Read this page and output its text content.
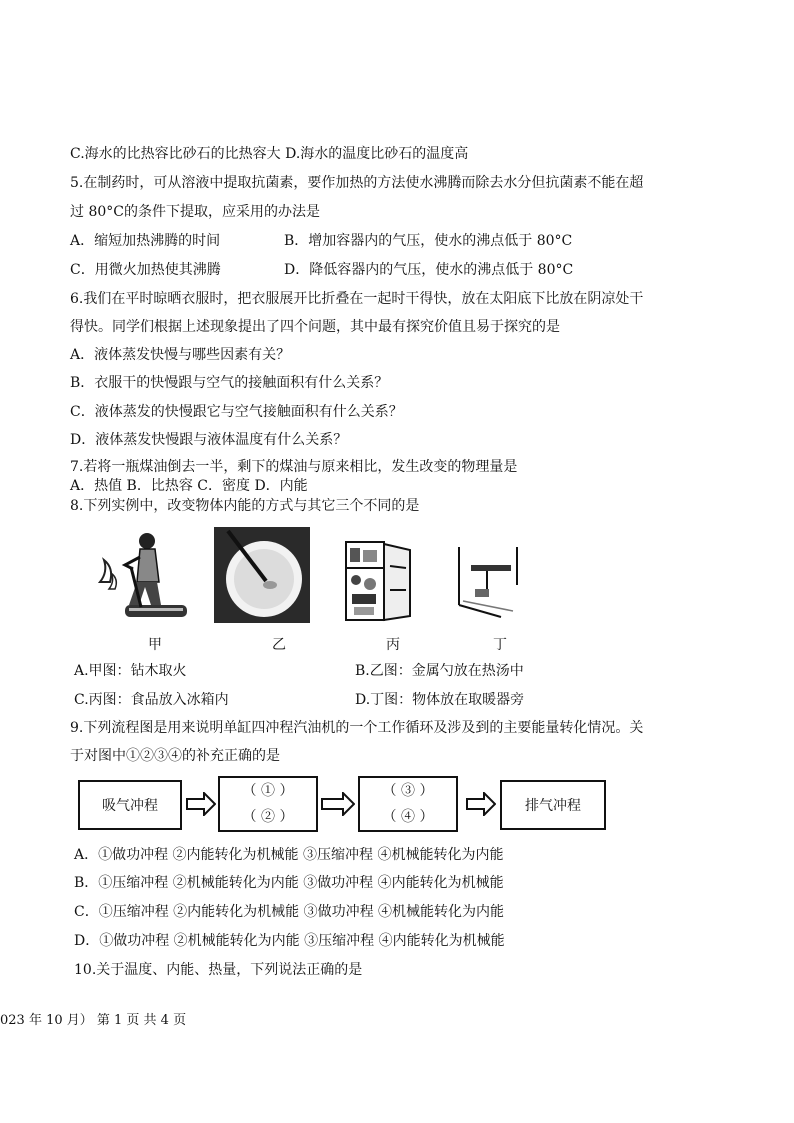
C.海水的比热容比砂石的比热容大 D.海水的温度比砂石的温度高
5.在制药时，可从溶液中提取抗菌素，要作加热的方法使水沸腾而除去水分但抗菌素不能在超
过 80°C的条件下提取，应采用的办法是
A．缩短加热沸腾的时间	B．增加容器内的气压，使水的沸点低于 80°C
C．用微火加热使其沸腾	D．降低容器内的气压，使水的沸点低于 80°C
6.我们在平时晾晒衣服时，把衣服展开比折叠在一起时干得快，放在太阳底下比放在阴凉处干
得快。同学们根据上述现象提出了四个问题，其中最有探究价值且易于探究的是
A．液体蒸发快慢与哪些因素有关？
B．衣服干的快慢跟与空气的接触面积有什么关系？
C．液体蒸发的快慢跟它与空气接触面积有什么关系？
D．液体蒸发快慢跟与液体温度有什么关系？
7.若将一瓶煤油倒去一半，剩下的煤油与原来相比，发生改变的物理量是
A．热值 B．比热容 C．密度 D．内能
8.下列实例中，改变物体内能的方式与其它三个不同的是
甲	乙	丙	丁
A.甲图：钻木取火	B.乙图：金属勺放在热汤中
C.丙图：食品放入冰箱内	D.丁图：物体放在取暖器旁
9.下列流程图是用来说明单缸四冲程汽油机的一个工作循环及涉及到的主要能量转化情况。关
于对图中①②③④的补充正确的是
吸气冲程
（ ① ）
（ ② ）
（ ③ ）
（ ④ ）
排气冲程
A．①做功冲程 ②内能转化为机械能 ③压缩冲程 ④机械能转化为内能
B．①压缩冲程 ②机械能转化为内能 ③做功冲程 ④内能转化为机械能
C．①压缩冲程 ②内能转化为机械能 ③做功冲程 ④机械能转化为内能
D．①做功冲程 ②机械能转化为内能 ③压缩冲程 ④内能转化为机械能
10.关于温度、内能、热量，下列说法正确的是
023 年 10 月） 第 1 页 共 4 页
